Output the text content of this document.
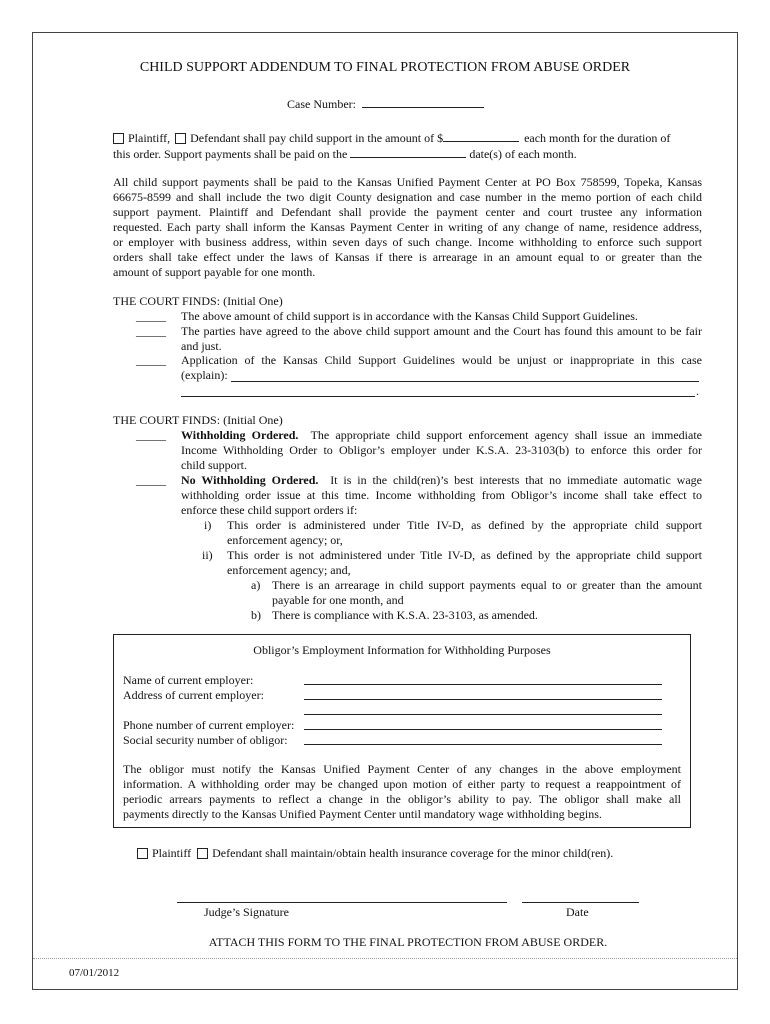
CHILD SUPPORT ADDENDUM TO FINAL PROTECTION FROM ABUSE ORDER
Case Number:
Plaintiff, Defendant shall pay child support in the amount of $	each month for the duration of
this order. Support payments shall be paid on the	date(s) of each month.
All child support payments shall be paid to the Kansas Unified Payment Center at PO Box 758599, Topeka, Kansas
66675-8599 and shall include the two digit County designation and case number in the memo portion of each child
support payment. Plaintiff and Defendant shall provide the payment center and court trustee any information
requested. Each party shall inform the Kansas Payment Center in writing of any change of name, residence address,
or employer with business address, within seven days of such change. Income withholding to enforce such support
orders shall take effect under the laws of Kansas if there is arrearage in an amount equal to or greater than the
amount of support payable for one month.
THE COURT FINDS: (Initial One)
_____ The above amount of child support is in accordance with the Kansas Child Support Guidelines.
_____ The parties have agreed to the above child support amount and the Court has found this amount to be fair
and just.
_____ Application of the Kansas Child Support Guidelines would be unjust or inappropriate in this case
(explain):
.
THE COURT FINDS: (Initial One)
_____ Withholding Ordered. The appropriate child support enforcement agency shall issue an immediate
Income Withholding Order to Obligor’s employer under K.S.A. 23-3103(b) to enforce this order for
child support.
_____ No Withholding Ordered. It is in the child(ren)’s best interests that no immediate automatic wage
withholding order issue at this time. Income withholding from Obligor’s income shall take effect to
enforce these child support orders if:
i) This order is administered under Title IV-D, as defined by the appropriate child support
enforcement agency; or,
ii) This order is not administered under Title IV-D, as defined by the appropriate child support
enforcement agency; and,
a) There is an arrearage in child support payments equal to or greater than the amount
payable for one month, and
b) There is compliance with K.S.A. 23-3103, as amended.
Obligor’s Employment Information for Withholding Purposes
Name of current employer:
Address of current employer:
Phone number of current employer:
Social security number of obligor:
The obligor must notify the Kansas Unified Payment Center of any changes in the above employment
information. A withholding order may be changed upon motion of either party to request a reappointment of
periodic arrears payments to reflect a change in the obligor’s ability to pay. The obligor shall make all
payments directly to the Kansas Unified Payment Center until mandatory wage withholding begins.
Plaintiff Defendant shall maintain/obtain health insurance coverage for the minor child(ren).
Judge’s Signature	Date
ATTACH THIS FORM TO THE FINAL PROTECTION FROM ABUSE ORDER.
07/01/2012
